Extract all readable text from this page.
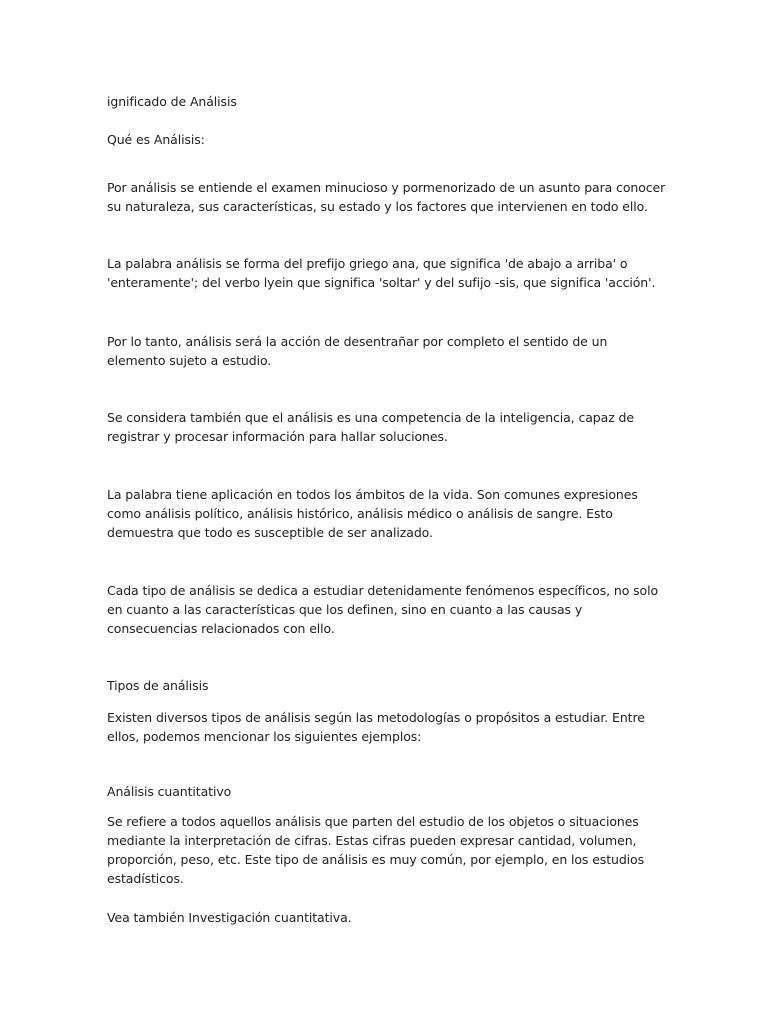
ignificado de Análisis

Qué es Análisis:

Por análisis se entiende el examen minucioso y pormenorizado de un asunto para conocer su naturaleza, sus características, su estado y los factores que intervienen en todo ello.

La palabra análisis se forma del prefijo griego ana, que significa 'de abajo a arriba' o 'enteramente'; del verbo lyein que significa 'soltar' y del sufijo -sis, que significa 'acción'.

Por lo tanto, análisis será la acción de desentrañar por completo el sentido de un elemento sujeto a estudio.

Se considera también que el análisis es una competencia de la inteligencia, capaz de registrar y procesar información para hallar soluciones.

La palabra tiene aplicación en todos los ámbitos de la vida. Son comunes expresiones como análisis político, análisis histórico, análisis médico o análisis de sangre. Esto demuestra que todo es susceptible de ser analizado.

Cada tipo de análisis se dedica a estudiar detenidamente fenómenos específicos, no solo en cuanto a las características que los definen, sino en cuanto a las causas y consecuencias relacionados con ello.

Tipos de análisis

Existen diversos tipos de análisis según las metodologías o propósitos a estudiar. Entre ellos, podemos mencionar los siguientes ejemplos:

Análisis cuantitativo

Se refiere a todos aquellos análisis que parten del estudio de los objetos o situaciones mediante la interpretación de cifras. Estas cifras pueden expresar cantidad, volumen, proporción, peso, etc. Este tipo de análisis es muy común, por ejemplo, en los estudios estadísticos.

Vea también Investigación cuantitativa.
